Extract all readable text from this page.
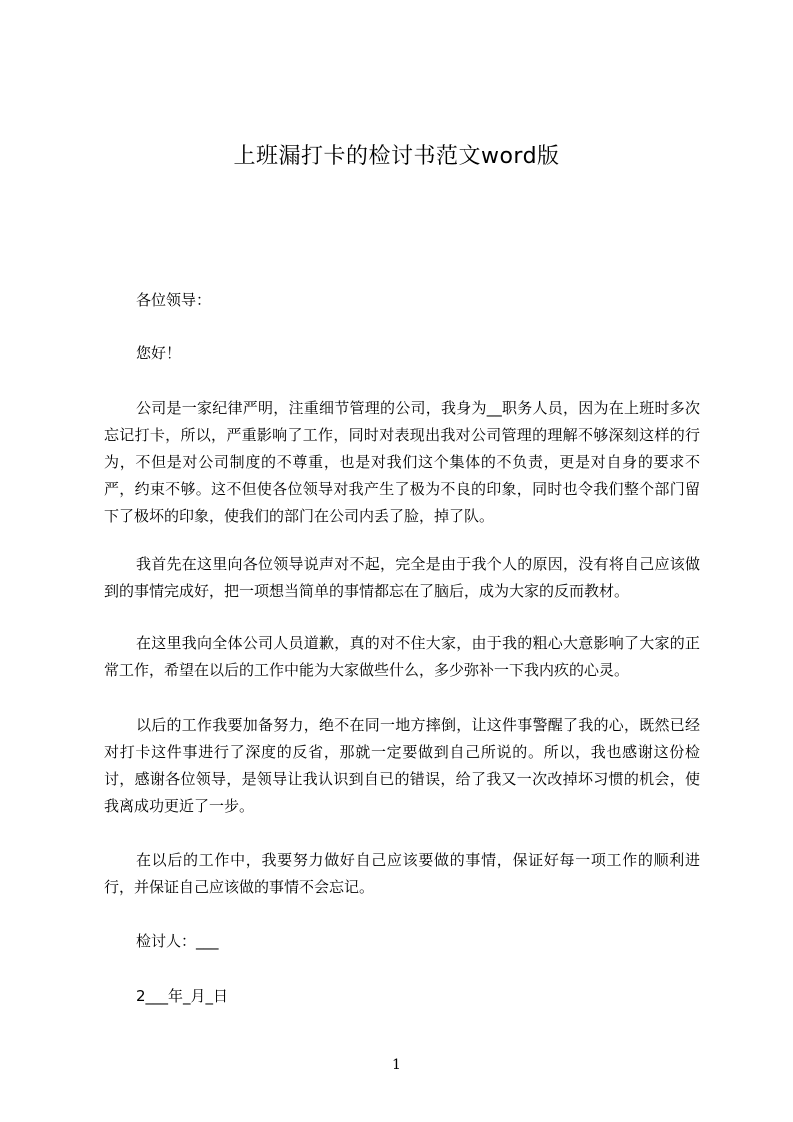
上班漏打卡的检讨书范文word版

各位领导：

您好！

公司是一家纪律严明，注重细节管理的公司，我身为__职务人员，因为在上班时多次忘记打卡，所以，严重影响了工作，同时对表现出我对公司管理的理解不够深刻这样的行为，不但是对公司制度的不尊重，也是对我们这个集体的不负责，更是对自身的要求不严，约束不够。这不但使各位领导对我产生了极为不良的印象，同时也令我们整个部门留下了极坏的印象，使我们的部门在公司内丢了脸，掉了队。

我首先在这里向各位领导说声对不起，完全是由于我个人的原因，没有将自己应该做到的事情完成好，把一项想当简单的事情都忘在了脑后，成为大家的反而教材。

在这里我向全体公司人员道歉，真的对不住大家，由于我的粗心大意影响了大家的正常工作，希望在以后的工作中能为大家做些什么，多少弥补一下我内疚的心灵。

以后的工作我要加备努力，绝不在同一地方摔倒，让这件事警醒了我的心，既然已经对打卡这件事进行了深度的反省，那就一定要做到自己所说的。所以，我也感谢这份检讨，感谢各位领导，是领导让我认识到自已的错误，给了我又一次改掉坏习惯的机会，使我离成功更近了一步。

在以后的工作中，我要努力做好自己应该要做的事情，保证好每一项工作的顺利进行，并保证自己应该做的事情不会忘记。

检讨人：___

2___年_月_日

1
